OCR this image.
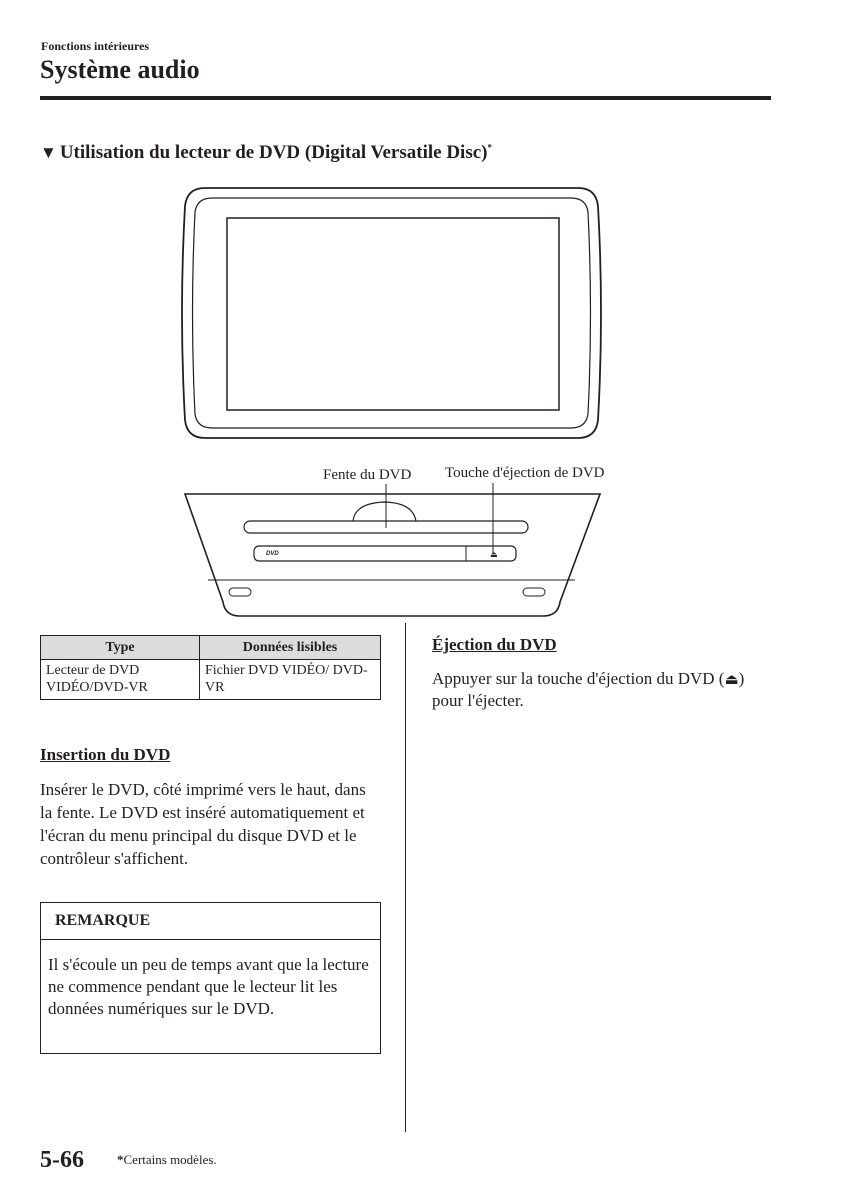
Fonctions intérieures
Système audio
▼ Utilisation du lecteur de DVD (Digital Versatile Disc)*
DVD	⏏
Fente du DVD Touche d'éjection de DVD
Type	Données lisibles
Lecteur de DVD VIDÉO/DVD-VR	Fichier DVD VIDÉO/ DVD-VR
Insertion du DVD
Insérer le DVD, côté imprimé vers le haut, dans la fente. Le DVD est inséré automatiquement et l'écran du menu principal du disque DVD et le contrôleur s'affichent.
REMARQUE
Il s'écoule un peu de temps avant que la lecture ne commence pendant que le lecteur lit les données numériques sur le DVD.
Éjection du DVD
Appuyer sur la touche d'éjection du DVD (⏏) pour l'éjecter.
5-66	*Certains modèles.
